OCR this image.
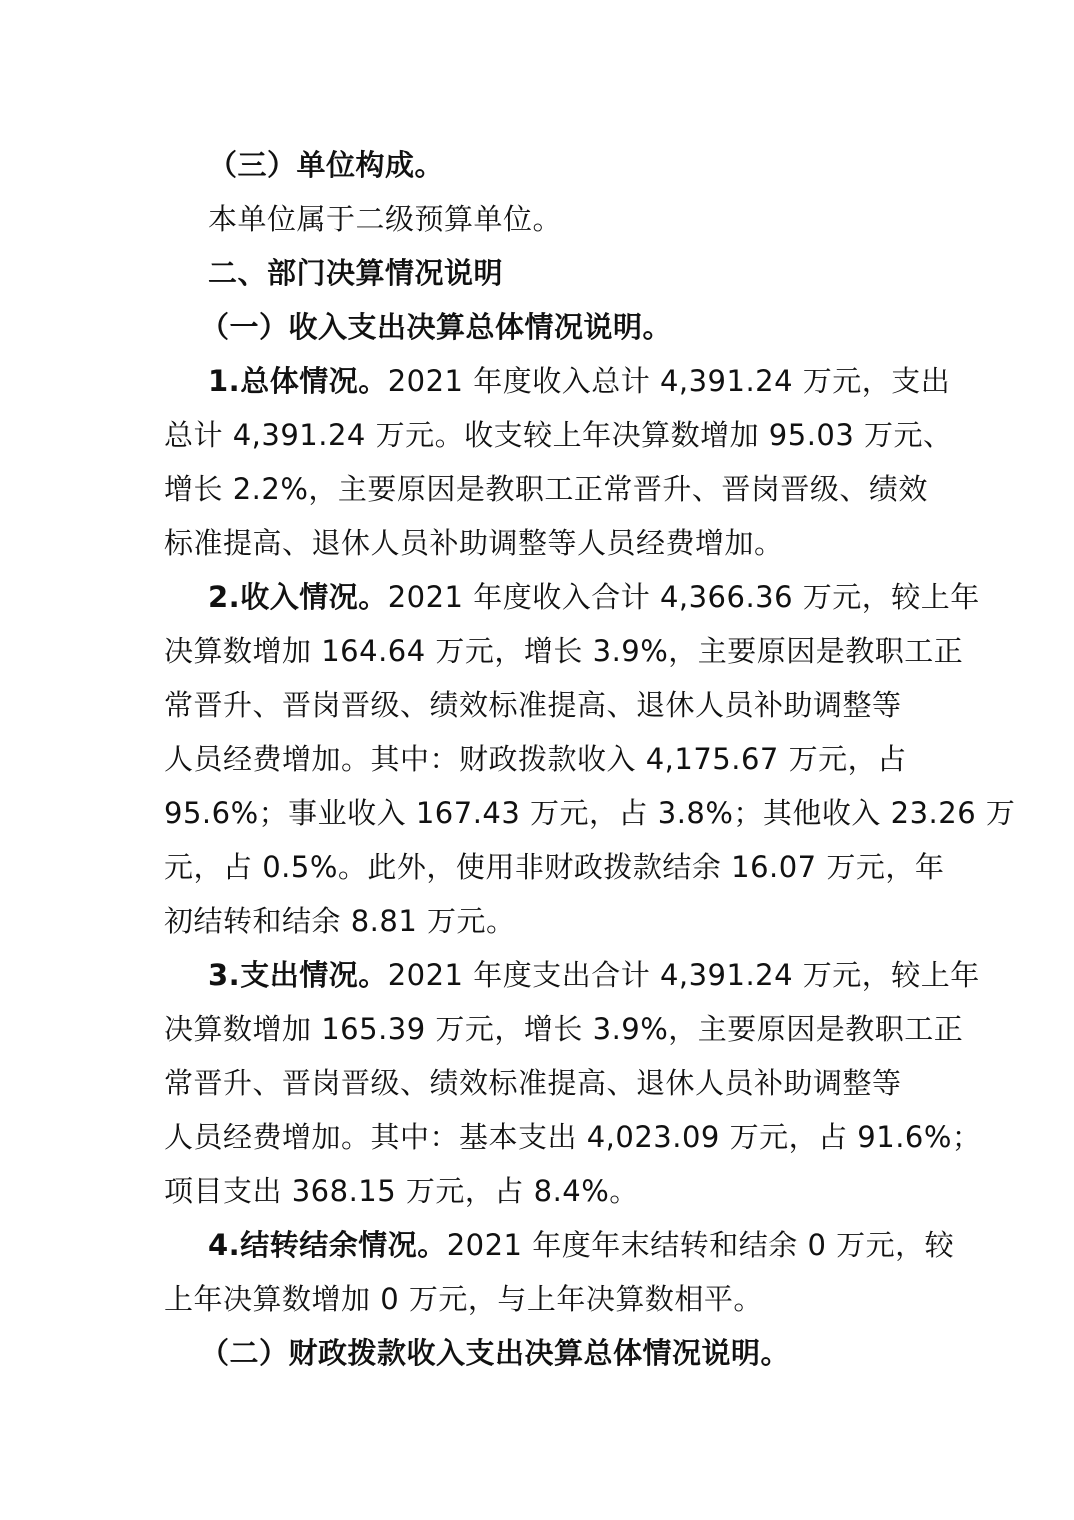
（三）单位构成。
本单位属于二级预算单位。
二、部门决算情况说明
（一）收入支出决算总体情况说明。
1.总体情况。2021 年度收入总计 4,391.24 万元，支出
总计 4,391.24 万元。收支较上年决算数增加 95.03 万元、
增长 2.2%，主要原因是教职工正常晋升、晋岗晋级、绩效
标准提高、退休人员补助调整等人员经费增加。
2.收入情况。2021 年度收入合计 4,366.36 万元，较上年
决算数增加 164.64 万元，增长 3.9%，主要原因是教职工正
常晋升、晋岗晋级、绩效标准提高、退休人员补助调整等
人员经费增加。其中：财政拨款收入 4,175.67 万元，占
95.6%；事业收入 167.43 万元，占 3.8%；其他收入 23.26 万
元，占 0.5%。此外，使用非财政拨款结余 16.07 万元，年
初结转和结余 8.81 万元。
3.支出情况。2021 年度支出合计 4,391.24 万元，较上年
决算数增加 165.39 万元，增长 3.9%，主要原因是教职工正
常晋升、晋岗晋级、绩效标准提高、退休人员补助调整等
人员经费增加。其中：基本支出 4,023.09 万元，占 91.6%；
项目支出 368.15 万元，占 8.4%。
4.结转结余情况。2021 年度年末结转和结余 0 万元，较
上年决算数增加 0 万元，与上年决算数相平。
（二）财政拨款收入支出决算总体情况说明。
